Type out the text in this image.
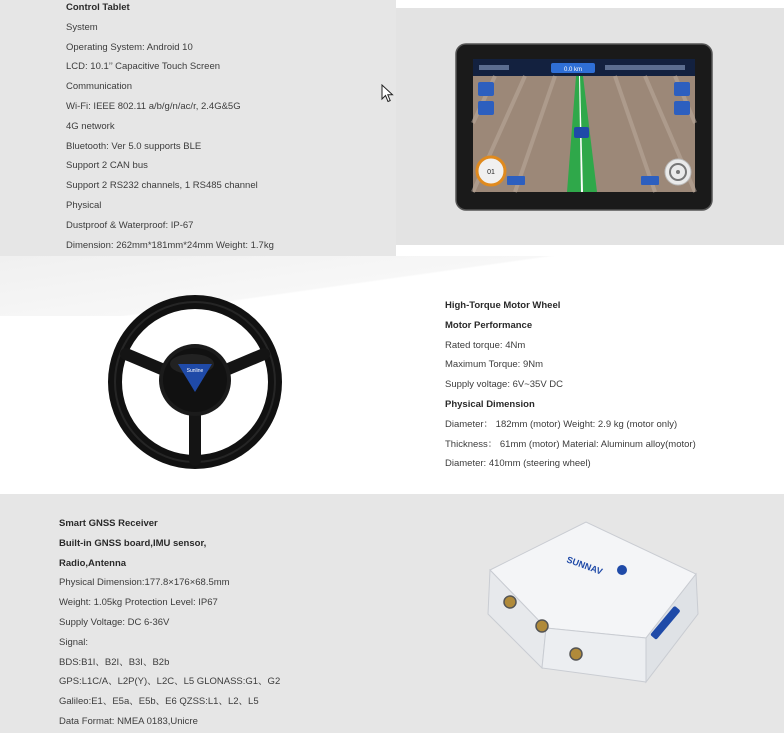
Control Tablet
System
Operating System: Android 10
LCD: 10.1’’ Capacitive Touch Screen
Communication
Wi-Fi: IEEE 802.11 a/b/g/n/ac/r, 2.4G&5G
4G network
Bluetooth: Ver 5.0 supports BLE
Support 2 CAN bus
Support 2 RS232 channels, 1 RS485 channel
Physical
Dustproof & Waterproof: IP-67
Dimension: 262mm*181mm*24mm Weight: 1.7kg
0.0 km
01
Sunline
High-Torque Motor Wheel
Motor Performance
Rated torque: 4Nm
Maximum Torque: 9Nm
Supply voltage: 6V~35V DC
Physical Dimension
Diameter： 182mm (motor) Weight: 2.9 kg (motor only)
Thickness： 61mm (motor) Material: Aluminum alloy(motor)
Diameter: 410mm (steering wheel)
Smart GNSS Receiver
Built-in GNSS board,IMU sensor,
Radio,Antenna
Physical Dimension:177.8×176×68.5mm
Weight: 1.05kg Protection Level: IP67
Supply Voltage: DC 6-36V
Signal:
BDS:B1I、B2I、B3I、B2b
GPS:L1C/A、L2P(Y)、L2C、L5 GLONASS:G1、G2
Galileo:E1、E5a、E5b、E6 QZSS:L1、L2、L5
Data Format: NMEA 0183,Unicre
SUNNAV
